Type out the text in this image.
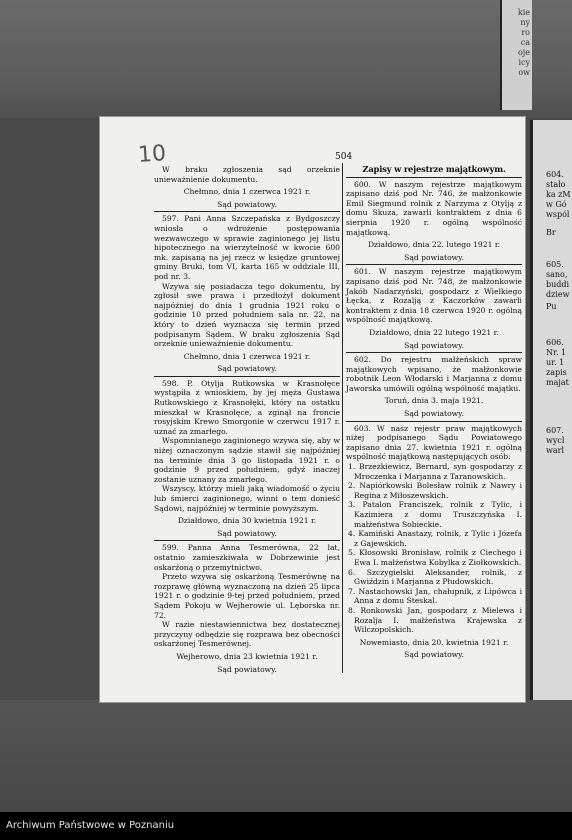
kie
ny
ro
ca
oje
icy
ow
604.
stało
ka zM
w Gó
wspól
Br
605.
sano,
buddi
dziew
Pu
606.
Nr. 1
ur. 1
zapis
majat
607.
wycl
warl
10	504

W braku zgłoszenia sąd orzeknie unieważnienie dokumentu.

Chełmno, dnia 1 czerwca 1921 r.

Sąd powiatowy.

597. Pani Anna Szczepańska z Bydgoszczy wniosła o wdrożenie postępowania wezwawczego w sprawie zaginionego jej listu hipotecznego na wierzytelność w kwocie 600 mk. zapisaną na jej rzecz w księdze gruntowej gminy Bruki, tom VI, karta 165 w oddziale III, pod nr. 3.

Wzywa się posiadacza tego dokumentu, by zgłosił swe prawa i przedłożył dokument najpóźniej do dnia 1 grudnia 1921 roku o godzinie 10 przed południem sala nr. 22, na który to dzień wyznacza się termin przed podpisanym Sądem. W braku zgłoszenia Sąd orzeknie unieważnienie dokumentu.

Chełmno, dnia 1 czerwca 1921 r.

Sąd powiatowy.

598. P. Otylja Rutkowska w Krasnołęce wystąpiła z wnioskiem, by jej męża Gustawa Rutkowskiego z Krasnołęki, który na ostatku mieszkał w Krasnołęce, a zginął na froncie rosyjskim Krewo Smorgonie w czerwcu 1917 r. uznać za zmarłego.

Wspomnianego zaginionego wzywa się, aby w niżej oznaczonym sądzie stawił się najpóźniej na terminie dnia 3 go listopada 1921 r. o godzinie 9 przed południem, gdyż inaczej zostanie uznany za zmarłego.

Wszyscy, którzy mieli jaką wiadomość o życiu lub śmierci zaginionego, winni o tem donieść Sądowi, najpóźniej w terminie powyższym.

Działdowo, dnia 30 kwietnia 1921 r.

Sąd powiatowy.

599. Panna Anna Tesmerówna, 22 lat, ostatnio zamieszkiwała w Dobrzewinie jest oskarżoną o przemytnictwo.

Przeto wzywa się oskarżoną Tesmerównę na rozprawę główną wyznaczoną na dzień 25 lipca 1921 r. o godzinie 9-tej przed południem, przed Sądem Pokoju w Wejherowie ul. Lęborska nr. 72.

W razie niestawiennictwa bez dostatecznej przyczyny odbędzie się rozprawa bez obecności oskarżonej Tesmerównej.

Wejherowo, dnia 23 kwietnia 1921 r.

Sąd powiatowy.

Zapisy w rejestrze majątkowym.

600. W naszym rejestrze majątkowym zapisano dziś pod Nr. 746, że małżonkowie Emil Siegmund rolnik z Narzyma z Otylją z domu Skuza, zawarli kontraktem z dnia 6 sierpnia 1920 r. ogólną wspólność majątkową.

Działdowo, dnia 22. lutego 1921 r.

Sąd powiatowy.

601. W naszym rejestrze majątkowym zapisano dziś pod Nr. 748, że małżonkowie Jakób Nadarzyński, gospodarz z Wielkiego Łęcka, z Rozalją z Kaczorków zawarli kontraktem z dnia 18 czerwca 1920 r. ogólną wspólność majątkową.

Działdowo, dnia 22 lutego 1921 r.

Sąd powiatowy.

602. Do rejestru małżeńskich spraw majątkowych wpisano, że małżonkowie robotnik Leon Włodarski i Marjanna z domu Jaworska umówili ogólną wspólność majątku.

Toruń, dnia 3. maja 1921.

Sąd powiatowy.

603. W nasz rejestr praw majątkowych niżej podpisanego Sądu Powiatowego zapisano dnia 27. kwietnia 1921 r. ogólną wspólność majątkową następujących osób:

1. Brzezkiewicz, Bernard, syn gospodarzy z Mroczenka i Marjanna z Taranowskich.

2. Napiórkowski Bolesław rolnik z Nawry i Regina z Miłoszewskich.

3. Patalon Franciszek, rolnik z Tylic, i Kazimiera z domu Truszczyńska I. małżeństwa Sobieckie.

4. Kamiński Anastazy, rolnik, z Tylic i Józefa z Gajewskich.

5. Kłosowski Bronisław, rolnik z Ciechego i Ewa I. małżeństwa Kobylka z Ziołkowskich.

6. Szczygielski Aleksander, rolnik, z Gwiździn i Marjanna z Płudowskich.

7. Nastachowski Jan, chałupnik, z Lipówca i Anna z domu Steskal.

8. Ronkowski Jan, gospodarz z Mielewa i Rozalja I. małżeństwa Krajewska z Wilczopolskich.

Nowemiasto, dnia 20. kwietnia 1921 r.

Sąd powiatowy.

Archiwum Państwowe w Poznaniu
